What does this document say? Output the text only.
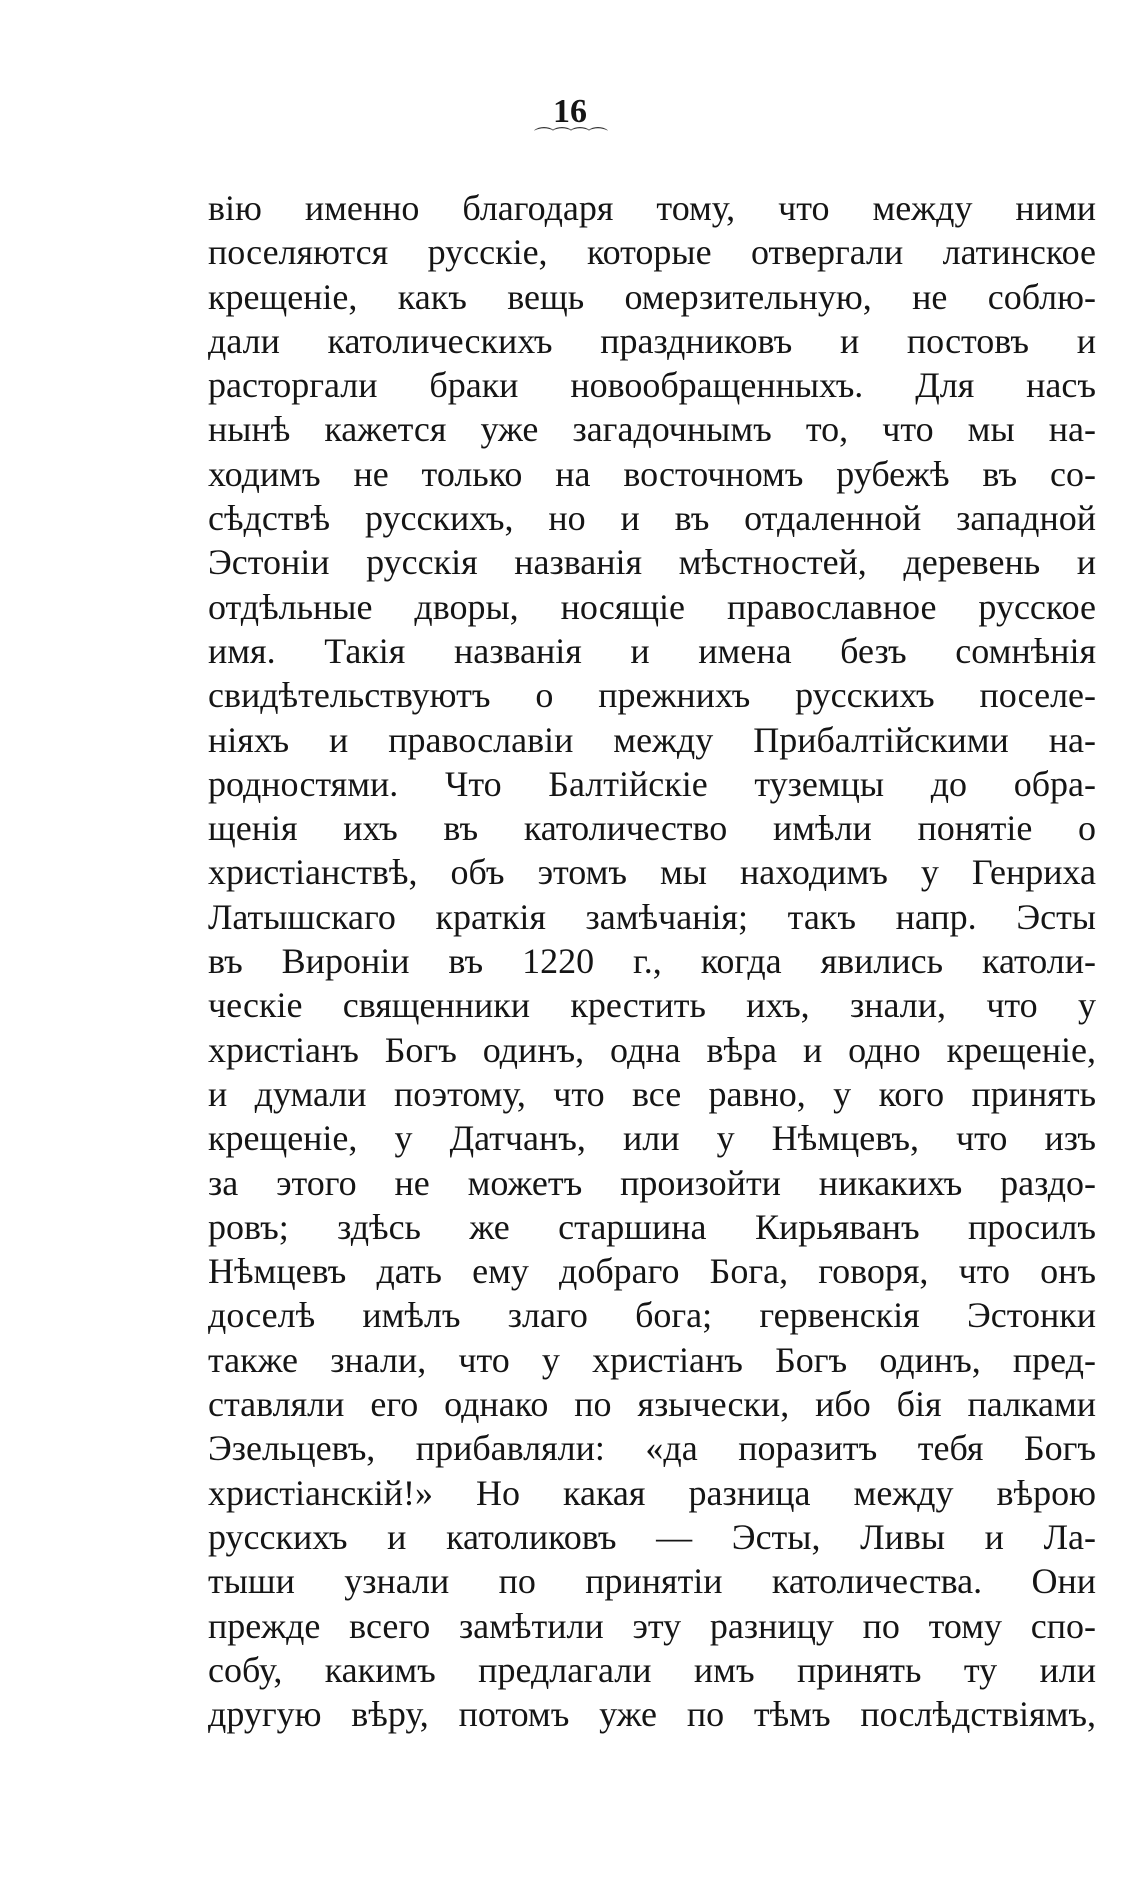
16
⌒⌒⌒⌒
вію именно благодаря тому, что между ними
поселяются русскіе, которые отвергали латинское
крещеніе, какъ вещь омерзительную, не соблю-
дали католическихъ праздниковъ и постовъ и
расторгали браки новообращенныхъ. Для насъ
нынѣ кажется уже загадочнымъ то, что мы на-
ходимъ не только на восточномъ рубежѣ въ со-
сѣдствѣ русскихъ, но и въ отдаленной западной
Эстоніи русскія названія мѣстностей, деревень и
отдѣльные дворы, носящіе православное русское
имя. Такія названія и имена безъ сомнѣнія
свидѣтельствуютъ о прежнихъ русскихъ поселе-
ніяхъ и православіи между Прибалтійскими на-
родностями. Что Балтійскіе туземцы до обра-
щенія ихъ въ католичество имѣли понятіе о
христіанствѣ, объ этомъ мы находимъ у Генриха
Латышскаго краткія замѣчанія; такъ напр. Эсты
въ Вироніи въ 1220 г., когда явились католи-
ческіе священники крестить ихъ, знали, что у
христіанъ Богъ одинъ, одна вѣра и одно крещеніе,
и думали поэтому, что все равно, у кого принять
крещеніе, у Датчанъ, или у Нѣмцевъ, что изъ
за этого не можетъ произойти никакихъ раздо-
ровъ; здѣсь же старшина Кирьяванъ просилъ
Нѣмцевъ дать ему добраго Бога, говоря, что онъ
доселѣ имѣлъ злаго бога; гервенскія Эстонки
также знали, что у христіанъ Богъ одинъ, пред-
ставляли его однако по язычески, ибо бія палками
Эзельцевъ, прибавляли: «да поразитъ тебя Богъ
христіанскій!» Но какая разница между вѣрою
русскихъ и католиковъ — Эсты, Ливы и Ла-
тыши узнали по принятіи католичества. Они
прежде всего замѣтили эту разницу по тому спо-
собу, какимъ предлагали имъ принять ту или
другую вѣру, потомъ уже по тѣмъ послѣдствіямъ,
